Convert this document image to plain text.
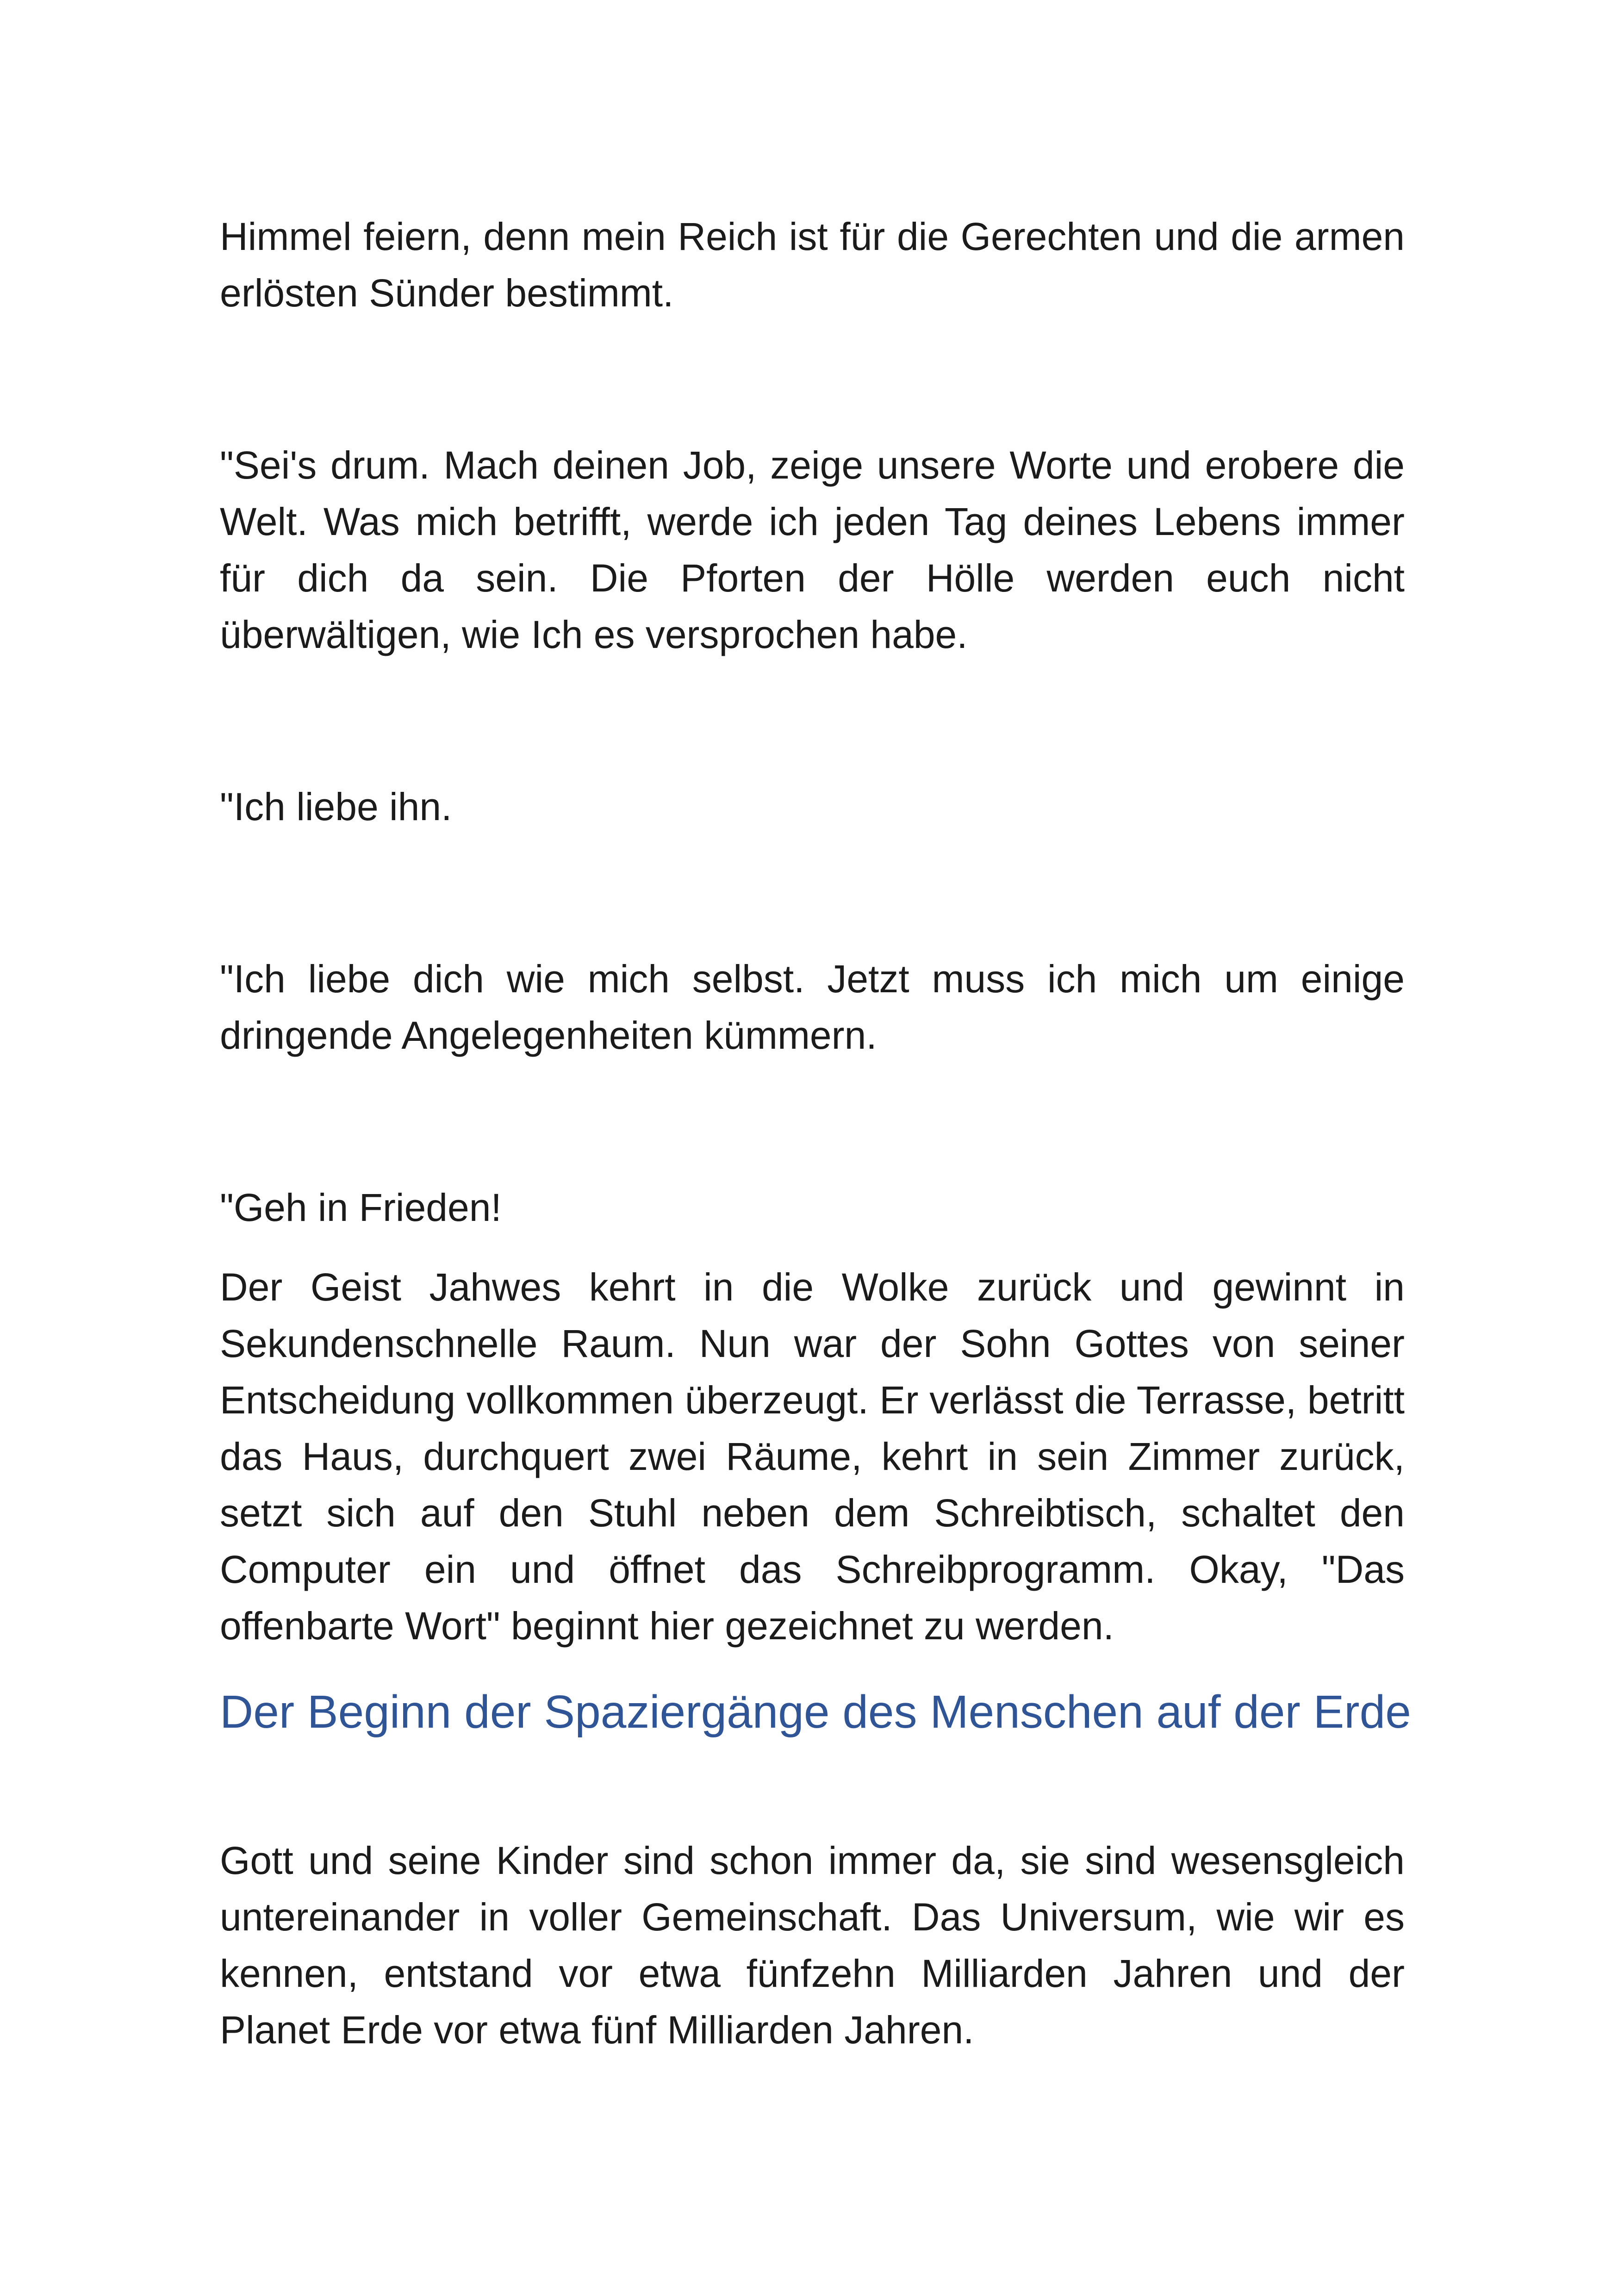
Himmel feiern, denn mein Reich ist für die Gerechten und die armen erlösten Sünder bestimmt.

"Sei's drum. Mach deinen Job, zeige unsere Worte und erobere die Welt. Was mich betrifft, werde ich jeden Tag deines Lebens immer für dich da sein. Die Pforten der Hölle werden euch nicht überwältigen, wie Ich es versprochen habe.

"Ich liebe ihn.

"Ich liebe dich wie mich selbst. Jetzt muss ich mich um einige dringende Angelegenheiten kümmern.

"Geh in Frieden!

Der Geist Jahwes kehrt in die Wolke zurück und gewinnt in Sekundenschnelle Raum. Nun war der Sohn Gottes von seiner Entscheidung vollkommen überzeugt. Er verlässt die Terrasse, betritt das Haus, durchquert zwei Räume, kehrt in sein Zimmer zurück, setzt sich auf den Stuhl neben dem Schreibtisch, schaltet den Computer ein und öffnet das Schreibprogramm. Okay, "Das offenbarte Wort" beginnt hier gezeichnet zu werden.

Der Beginn der Spaziergänge des Menschen auf der Erde

Gott und seine Kinder sind schon immer da, sie sind wesensgleich untereinander in voller Gemeinschaft. Das Universum, wie wir es kennen, entstand vor etwa fünfzehn Milliarden Jahren und der Planet Erde vor etwa fünf Milliarden Jahren.
